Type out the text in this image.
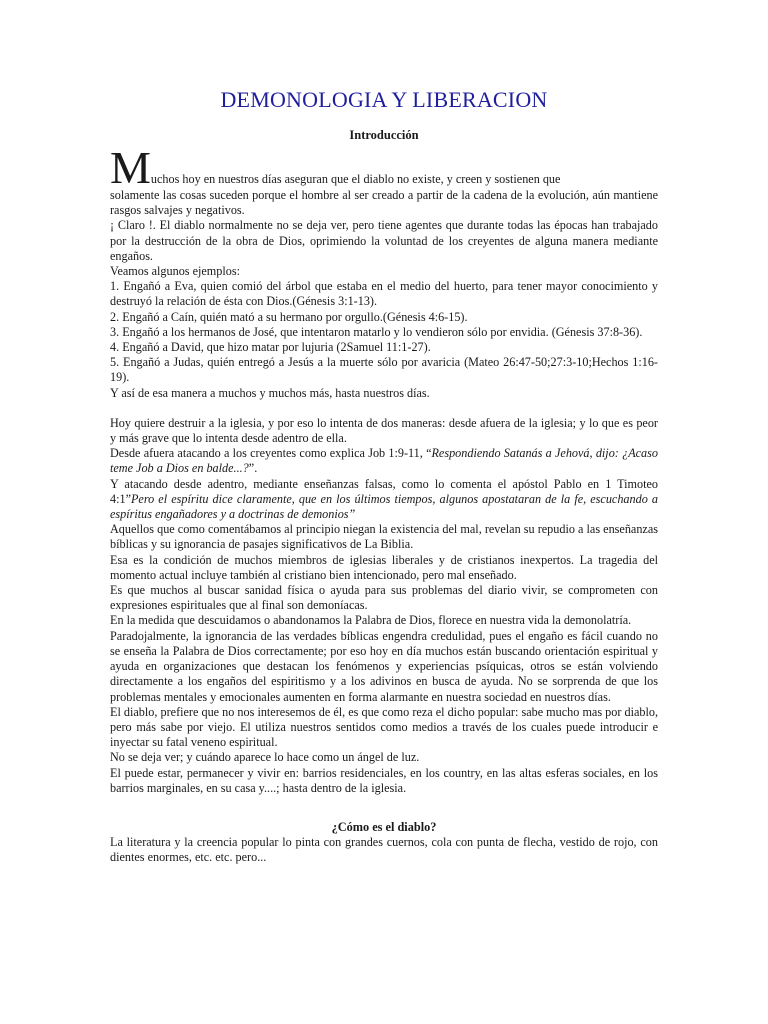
DEMONOLOGIA Y LIBERACION
Introducción

Muchos hoy en nuestros días aseguran que el diablo no existe, y creen y sostienen que

solamente las cosas suceden porque el hombre al ser creado a partir de la cadena de la evolución, aún mantiene rasgos salvajes y negativos.

¡ Claro !. El diablo normalmente no se deja ver, pero tiene agentes que durante todas las épocas han trabajado por la destrucción de la obra de Dios, oprimiendo la voluntad de los creyentes de alguna manera mediante engaños.

Veamos algunos ejemplos:

1. Engañó a Eva, quien comió del árbol que estaba en el medio del huerto, para tener mayor conocimiento y destruyó la relación de ésta con Dios.(Génesis 3:1-13).

2. Engañó a Caín, quién mató a su hermano por orgullo.(Génesis 4:6-15).

3. Engañó a los hermanos de José, que intentaron matarlo y lo vendieron sólo por envidia. (Génesis 37:8-36).

4. Engañó a David, que hizo matar por lujuria (2Samuel 11:1-27).

5. Engañó a Judas, quién entregó a Jesús a la muerte sólo por avaricia (Mateo 26:47-50;27:3-10;Hechos 1:16-19).

Y así de esa manera a muchos y muchos más, hasta nuestros días.

Hoy quiere destruir a la iglesia, y por eso lo intenta de dos maneras: desde afuera de la iglesia; y lo que es peor y más grave que lo intenta desde adentro de ella.

Desde afuera atacando a los creyentes como explica Job 1:9-11, “Respondiendo Satanás a Jehová, dijo: ¿Acaso teme Job a Dios en balde...?”.

Y atacando desde adentro, mediante enseñanzas falsas, como lo comenta el apóstol Pablo en 1 Timoteo 4:1”Pero el espíritu dice claramente, que en los últimos tiempos, algunos apostataran de la fe, escuchando a espíritus engañadores y a doctrinas de demonios”

Aquellos que como comentábamos al principio niegan la existencia del mal, revelan su repudio a las enseñanzas bíblicas y su ignorancia de pasajes significativos de La Biblia.

Esa es la condición de muchos miembros de iglesias liberales y de cristianos inexpertos. La tragedia del momento actual incluye también al cristiano bien intencionado, pero mal enseñado.

Es que muchos al buscar sanidad física o ayuda para sus problemas del diario vivir, se comprometen con expresiones espirituales que al final son demoníacas.

En la medida que descuidamos o abandonamos la Palabra de Dios, florece en nuestra vida la demonolatría.

Paradojalmente, la ignorancia de las verdades bíblicas engendra credulidad, pues el engaño es fácil cuando no se enseña la Palabra de Dios correctamente; por eso hoy en día muchos están buscando orientación espiritual y ayuda en organizaciones que destacan los fenómenos y experiencias psíquicas, otros se están volviendo directamente a los engaños del espiritismo y a los adivinos en busca de ayuda. No se sorprenda de que los problemas mentales y emocionales aumenten en forma alarmante en nuestra sociedad en nuestros días.

El diablo, prefiere que no nos interesemos de él, es que como reza el dicho popular: sabe mucho mas por diablo, pero más sabe por viejo. El utiliza nuestros sentidos como medios a través de los cuales puede introducir e inyectar su fatal veneno espiritual.

No se deja ver; y cuándo aparece lo hace como un ángel de luz.

El puede estar, permanecer y vivir en: barrios residenciales, en los country, en las altas esferas sociales, en los barrios marginales, en su casa y....; hasta dentro de la iglesia.

¿Cómo es el diablo?

La literatura y la creencia popular lo pinta con grandes cuernos, cola con punta de flecha, vestido de rojo, con dientes enormes, etc. etc. pero...
